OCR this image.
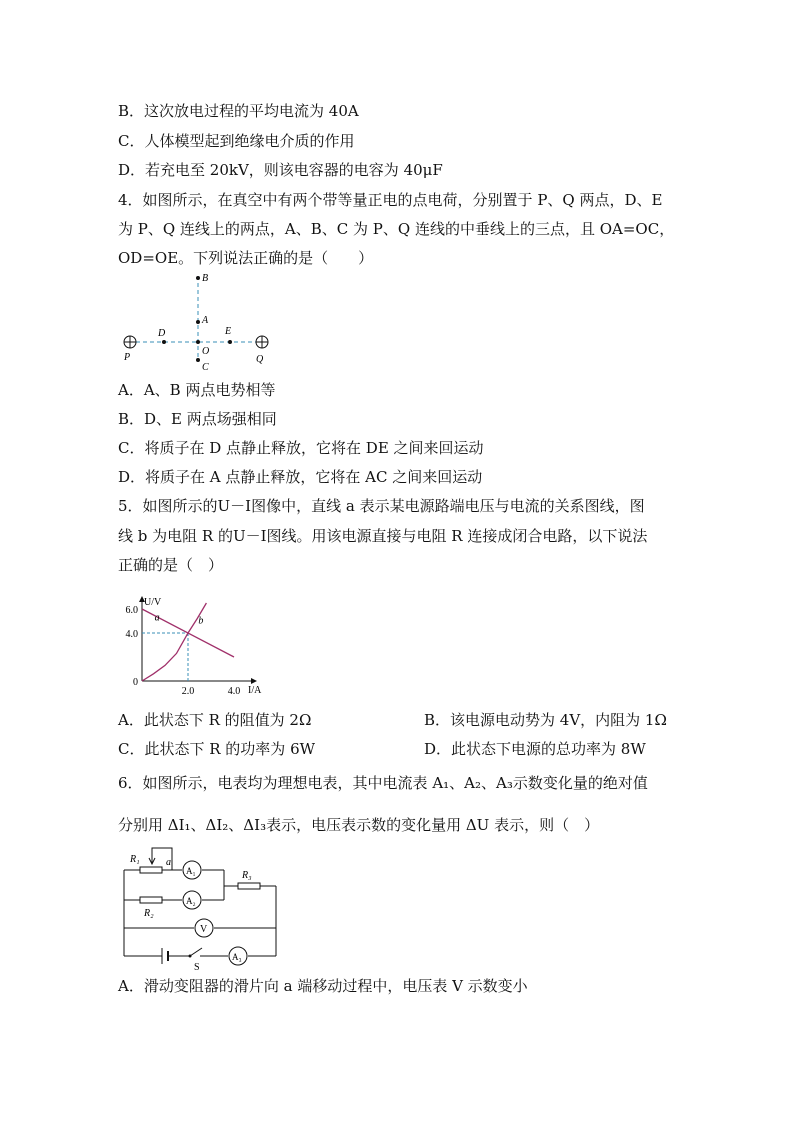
B．这次放电过程的平均电流为 40A
C．人体模型起到绝缘电介质的作用
D．若充电至 20kV，则该电容器的电容为 40μF
4．如图所示，在真空中有两个带等量正电的点电荷，分别置于 P、Q 两点，D、E
为 P、Q 连线上的两点，A、B、C 为 P、Q 连线的中垂线上的三点，且 OA=OC，
OD=OE。下列说法正确的是（　　）
B
A
D	E
P
O
C
Q
A．A、B 两点电势相等
B．D、E 两点场强相同
C．将质子在 D 点静止释放，它将在 DE 之间来回运动
D．将质子在 A 点静止释放，它将在 AC 之间来回运动
5．如图所示的U－I图像中，直线 a 表示某电源路端电压与电流的关系图线，图
线 b 为电阻 R 的U－I图线。用该电源直接与电阻 R 连接成闭合电路，以下说法
正确的是（　）
a	b
U/V
I/A
0
4.0
6.0
2.0	4.0
A．此状态下 R 的阻值为 2Ω	B．该电源电动势为 4V，内阻为 1Ω
C．此状态下 R 的功率为 6W	D．此状态下电源的总功率为 8W
6．如图所示，电表均为理想电表，其中电流表 A₁、A₂、A₃示数变化量的绝对值
分别用 ΔI₁、ΔI₂、ΔI₃表示，电压表示数的变化量用 ΔU 表示，则（　）
R₁	a
A₁
A₂
R₂
R₃
V
A₃
S
A．滑动变阻器的滑片向 a 端移动过程中，电压表 V 示数变小
